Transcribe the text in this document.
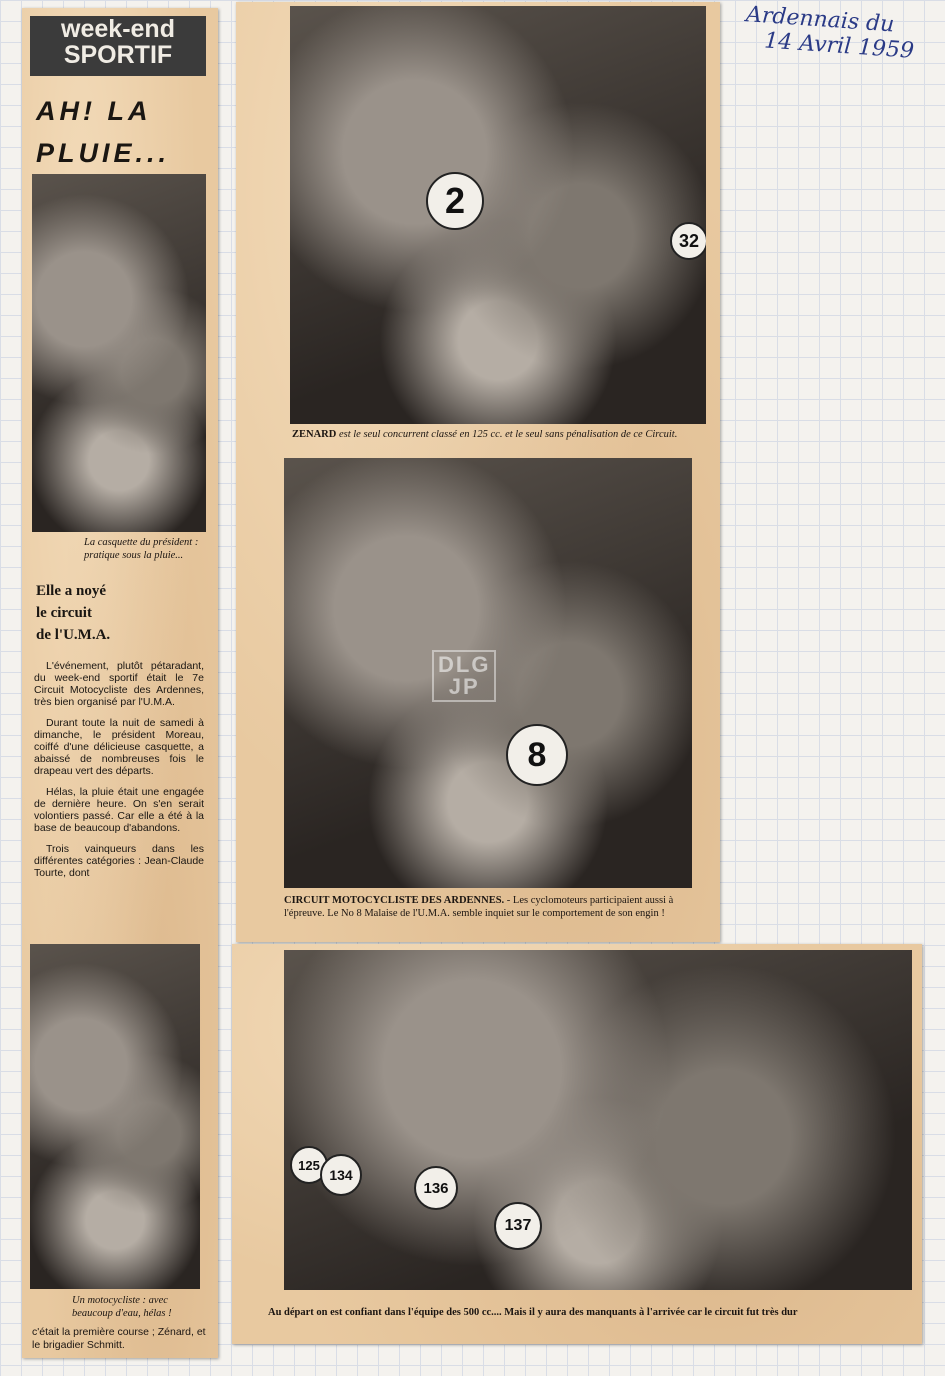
Ardennais du
14 Avril 1959
week-end
SPORTIF
AH! LA
PLUIE...
La casquette du président : pratique sous la pluie...
Elle a noyé
le circuit
de l'U.M.A.

L'événement, plutôt pétaradant, du week-end sportif était le 7e Circuit Motocycliste des Ardennes, très bien organisé par l'U.M.A.

Durant toute la nuit de samedi à dimanche, le président Moreau, coiffé d'une délicieuse casquette, a abaissé de nombreuses fois le drapeau vert des départs.

Hélas, la pluie était une engagée de dernière heure. On s'en serait volontiers passé. Car elle a été à la base de beaucoup d'abandons.

Trois vainqueurs dans les différentes catégories : Jean-Claude Tourte, dont

Un motocycliste : avec beaucoup d'eau, hélas !
c'était la première course ; Zénard, et le brigadier Schmitt.
2
32
ZENARD est le seul concurrent classé en 125 cc. et le seul sans pénalisation de ce Circuit.
8
DLG
JP
CIRCUIT MOTOCYCLISTE DES ARDENNES. - Les cyclomoteurs participaient aussi à l'épreuve. Le No 8 Malaise de l'U.M.A. semble inquiet sur le comportement de son engin !
125
134
136
137
Au départ on est confiant dans l'équipe des 500 cc.... Mais il y aura des manquants à l'arrivée car le circuit fut très dur
